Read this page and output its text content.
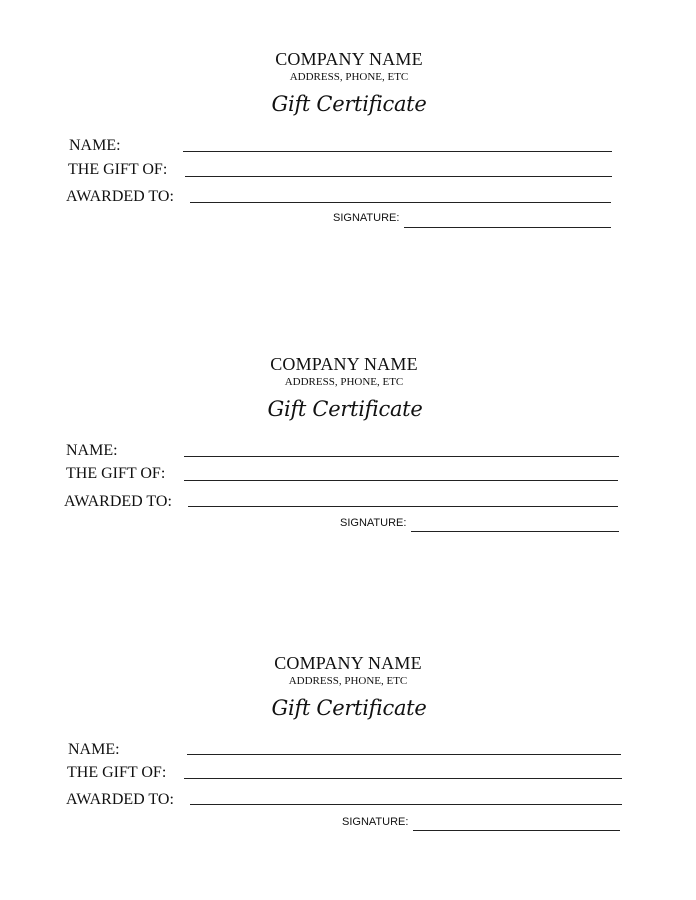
COMPANY NAME
ADDRESS, PHONE, ETC
Gift Certificate
NAME:
THE GIFT OF:
AWARDED TO:
SIGNATURE:
COMPANY NAME
ADDRESS, PHONE, ETC
Gift Certificate
NAME:
THE GIFT OF:
AWARDED TO:
SIGNATURE:
COMPANY NAME
ADDRESS, PHONE, ETC
Gift Certificate
NAME:
THE GIFT OF:
AWARDED TO:
SIGNATURE:
